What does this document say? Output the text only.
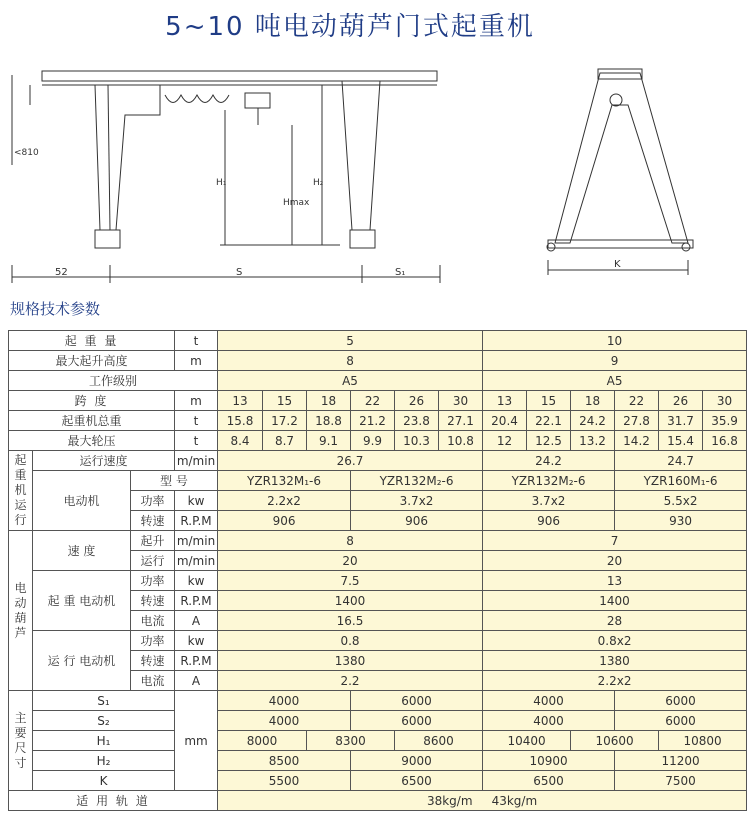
5~10 吨电动葫芦门式起重机
<810
52	S	S₁
H₁
Hmax
H₂
K
规格技术参数
起 重 量			t	5						10					
最大起升高度			m	8						9					
工作级别				A5						A5					
跨 度			m	13	15	18	22	26	30	13	15	18	22	26	30
起重机总重			t	15.8	17.2	18.8	21.2	23.8	27.1	20.4	22.1	24.2	27.8	31.7	35.9
最大轮压			t	8.4	8.7	9.1	9.9	10.3	10.8	12	12.5	13.2	14.2	15.4	16.8
起
重
机
运
行	运行速度		m/min	26.7						24.2			24.7		
	电动机	型 号		YZR132M₁-6			YZR132M₂-6			YZR132M₂-6			YZR160M₁-6		
		功率	kw	2.2x2			3.7x2			3.7x2			5.5x2		
		转速	R.P.M	906			906			906			930		
电
动
葫
芦	速 度	起升	m/min	8						7					
		运行	m/min	20						20					
	起 重 电动机	功率	kw	7.5						13					
		转速	R.P.M	1400						1400					
		电流	A	16.5						28					
	运 行 电动机	功率	kw	0.8						0.8x2					
		转速	R.P.M	1380						1380					
		电流	A	2.2						2.2x2					
主
要
尺
寸	S₁		mm	4000			6000			4000			6000		
	S₂			4000			6000			4000			6000		
	H₁			8000		8300		8600		10400		10600		10800	
	H₂			8500			9000			10900			11200		
	K			5500			6500			6500			7500		
适 用 轨 道				38kg/m     43kg/m											
